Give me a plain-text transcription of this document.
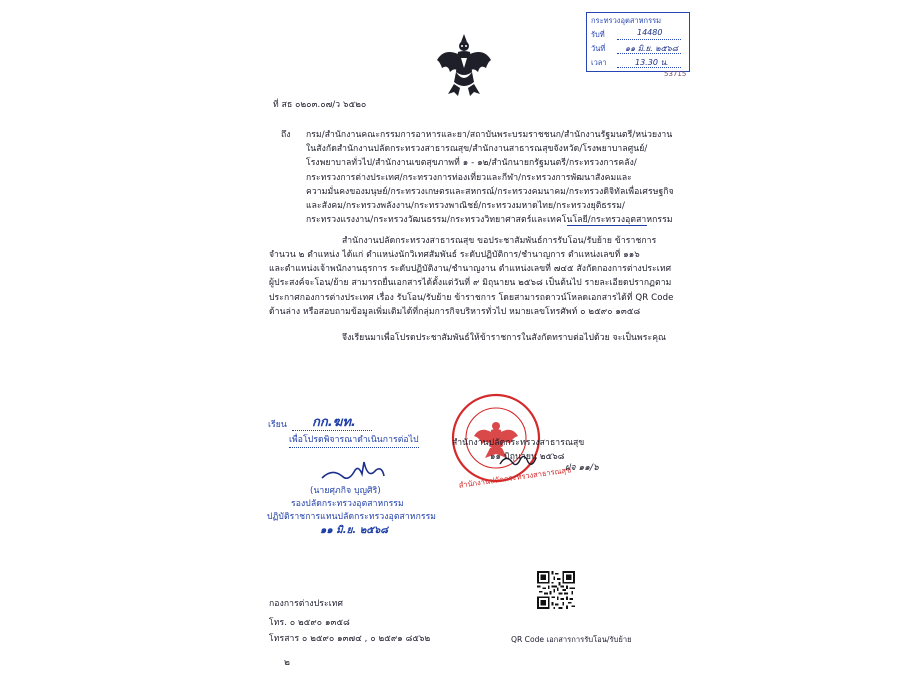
กระทรวงอุตสาหกรรม
รับที่	14480
วันที่ ๑๑ มิ.ย. ๒๕๖๘
เวลา	13.30 น.
53715
ที่ สธ ๐๒๐๓.๐๗/ว ๖๕๒๐
ถึง กรม/สำนักงานคณะกรรมการอาหารและยา/สถาบันพระบรมราชชนก/สำนักงานรัฐมนตรี/หน่วยงาน
ในสังกัดสำนักงานปลัดกระทรวงสาธารณสุข/สำนักงานสาธารณสุขจังหวัด/โรงพยาบาลศูนย์/
โรงพยาบาลทั่วไป/สำนักงานเขตสุขภาพที่ ๑ - ๑๒/สำนักนายกรัฐมนตรี/กระทรวงการคลัง/
กระทรวงการต่างประเทศ/กระทรวงการท่องเที่ยวและกีฬา/กระทรวงการพัฒนาสังคมและ
ความมั่นคงของมนุษย์/กระทรวงเกษตรและสหกรณ์/กระทรวงคมนาคม/กระทรวงดิจิทัลเพื่อเศรษฐกิจ
และสังคม/กระทรวงพลังงาน/กระทรวงพาณิชย์/กระทรวงมหาดไทย/กระทรวงยุติธรรม/
กระทรวงแรงงาน/กระทรวงวัฒนธรรม/กระทรวงวิทยาศาสตร์และเทคโนโลยี/กระทรวงอุตสาหกรรม
สำนักงานปลัดกระทรวงสาธารณสุข ขอประชาสัมพันธ์การรับโอน/รับย้าย ข้าราชการ
จำนวน ๒ ตำแหน่ง ได้แก่ ตำแหน่งนักวิเทศสัมพันธ์ ระดับปฏิบัติการ/ชำนาญการ ตำแหน่งเลขที่ ๑๑๖
และตำแหน่งเจ้าพนักงานธุรการ ระดับปฏิบัติงาน/ชำนาญงาน ตำแหน่งเลขที่ ๗๔๕ สังกัดกองการต่างประเทศ
ผู้ประสงค์จะโอน/ย้าย สามารถยื่นเอกสารได้ตั้งแต่วันที่ ๙ มิถุนายน ๒๕๖๘ เป็นต้นไป รายละเอียดปรากฏตาม
ประกาศกองการต่างประเทศ เรื่อง รับโอน/รับย้าย ข้าราชการ โดยสามารถดาวน์โหลดเอกสารได้ที่ QR Code
ด้านล่าง หรือสอบถามข้อมูลเพิ่มเติมได้ที่กลุ่มการกิจบริหารทั่วไป หมายเลขโทรศัพท์ ๐ ๒๕๙๐ ๑๓๕๘
จึงเรียนมาเพื่อโปรดประชาสัมพันธ์ให้ข้าราชการในสังกัดทราบต่อไปด้วย จะเป็นพระคุณ
เรียน กก.ฆท.
เพื่อโปรดพิจารณาดำเนินการต่อไป
(นายศุภกิจ บุญศิริ)
รองปลัดกระทรวงอุตสาหกรรม
ปฏิบัติราชการแทนปลัดกระทรวงอุตสาหกรรม
๑๑ มิ.ย. ๒๕๖๘
สำนักงานปลัดกระทรวงสาธารณสุข
สำนักงานปลัดกระทรวงสาธารณสุข
๑๑ มิถุนายน ๒๕๖๘
ฝจ ๑๑/๖
กองการต่างประเทศ
โทร. ๐ ๒๕๙๐ ๑๓๕๘
โทรสาร ๐ ๒๕๙๐ ๑๓๗๔ , ๐ ๒๕๙๑ ๘๕๖๒
๒
QR Code เอกสารการรับโอน/รับย้าย
